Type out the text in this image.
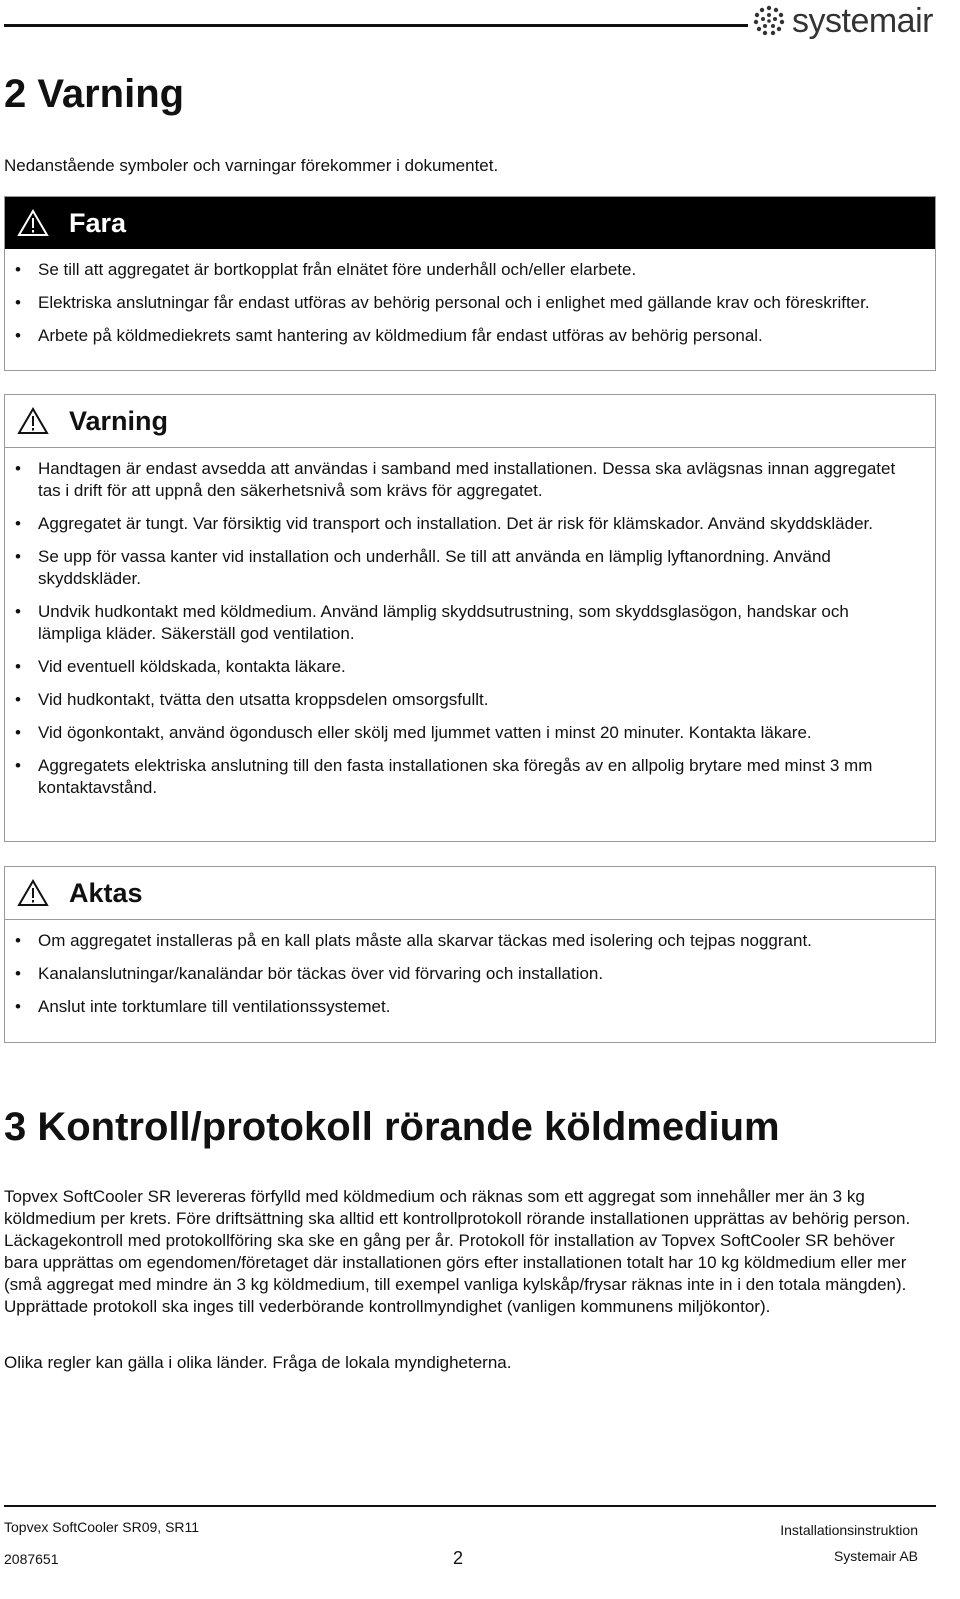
systemair
2 Varning

Nedanstående symboler och varningar förekommer i dokumentet.

Fara
• Se till att aggregatet är bortkopplat från elnätet före underhåll och/eller elarbete.
• Elektriska anslutningar får endast utföras av behörig personal och i enlighet med gällande krav och föreskrifter.
• Arbete på köldmediekrets samt hantering av köldmedium får endast utföras av behörig personal.
Varning
• Handtagen är endast avsedda att användas i samband med installationen. Dessa ska avlägsnas innan aggregatet tas i drift för att uppnå den säkerhetsnivå som krävs för aggregatet.
• Aggregatet är tungt. Var försiktig vid transport och installation. Det är risk för klämskador. Använd skyddskläder.
• Se upp för vassa kanter vid installation och underhåll. Se till att använda en lämplig lyftanordning. Använd skyddskläder.
• Undvik hudkontakt med köldmedium. Använd lämplig skyddsutrustning, som skyddsglasögon, handskar och lämpliga kläder. Säkerställ god ventilation.
• Vid eventuell köldskada, kontakta läkare.
• Vid hudkontakt, tvätta den utsatta kroppsdelen omsorgsfullt.
• Vid ögonkontakt, använd ögondusch eller skölj med ljummet vatten i minst 20 minuter. Kontakta läkare.
• Aggregatets elektriska anslutning till den fasta installationen ska föregås av en allpolig brytare med minst 3 mm kontaktavstånd.
Aktas
• Om aggregatet installeras på en kall plats måste alla skarvar täckas med isolering och tejpas noggrant.
• Kanalanslutningar/kanaländar bör täckas över vid förvaring och installation.
• Anslut inte torktumlare till ventilationssystemet.
3 Kontroll/protokoll rörande köldmedium

Topvex SoftCooler SR levereras förfylld med köldmedium och räknas som ett aggregat som innehåller mer än 3 kg köldmedium per krets. Före driftsättning ska alltid ett kontrollprotokoll rörande installationen upprättas av behörig person. Läckagekontroll med protokollföring ska ske en gång per år. Protokoll för installation av Topvex SoftCooler SR behöver bara upprättas om egendomen/företaget där installationen görs efter installationen totalt har 10 kg köldmedium eller mer (små aggregat med mindre än 3 kg köldmedium, till exempel vanliga kylskåp/frysar räknas inte in i den totala mängden). Upprättade protokoll ska inges till vederbörande kontrollmyndighet (vanligen kommunens miljökontor).

Olika regler kan gälla i olika länder. Fråga de lokala myndigheterna.

Topvex SoftCooler SR09, SR11
2087651	2
Installationsinstruktion
Systemair AB
